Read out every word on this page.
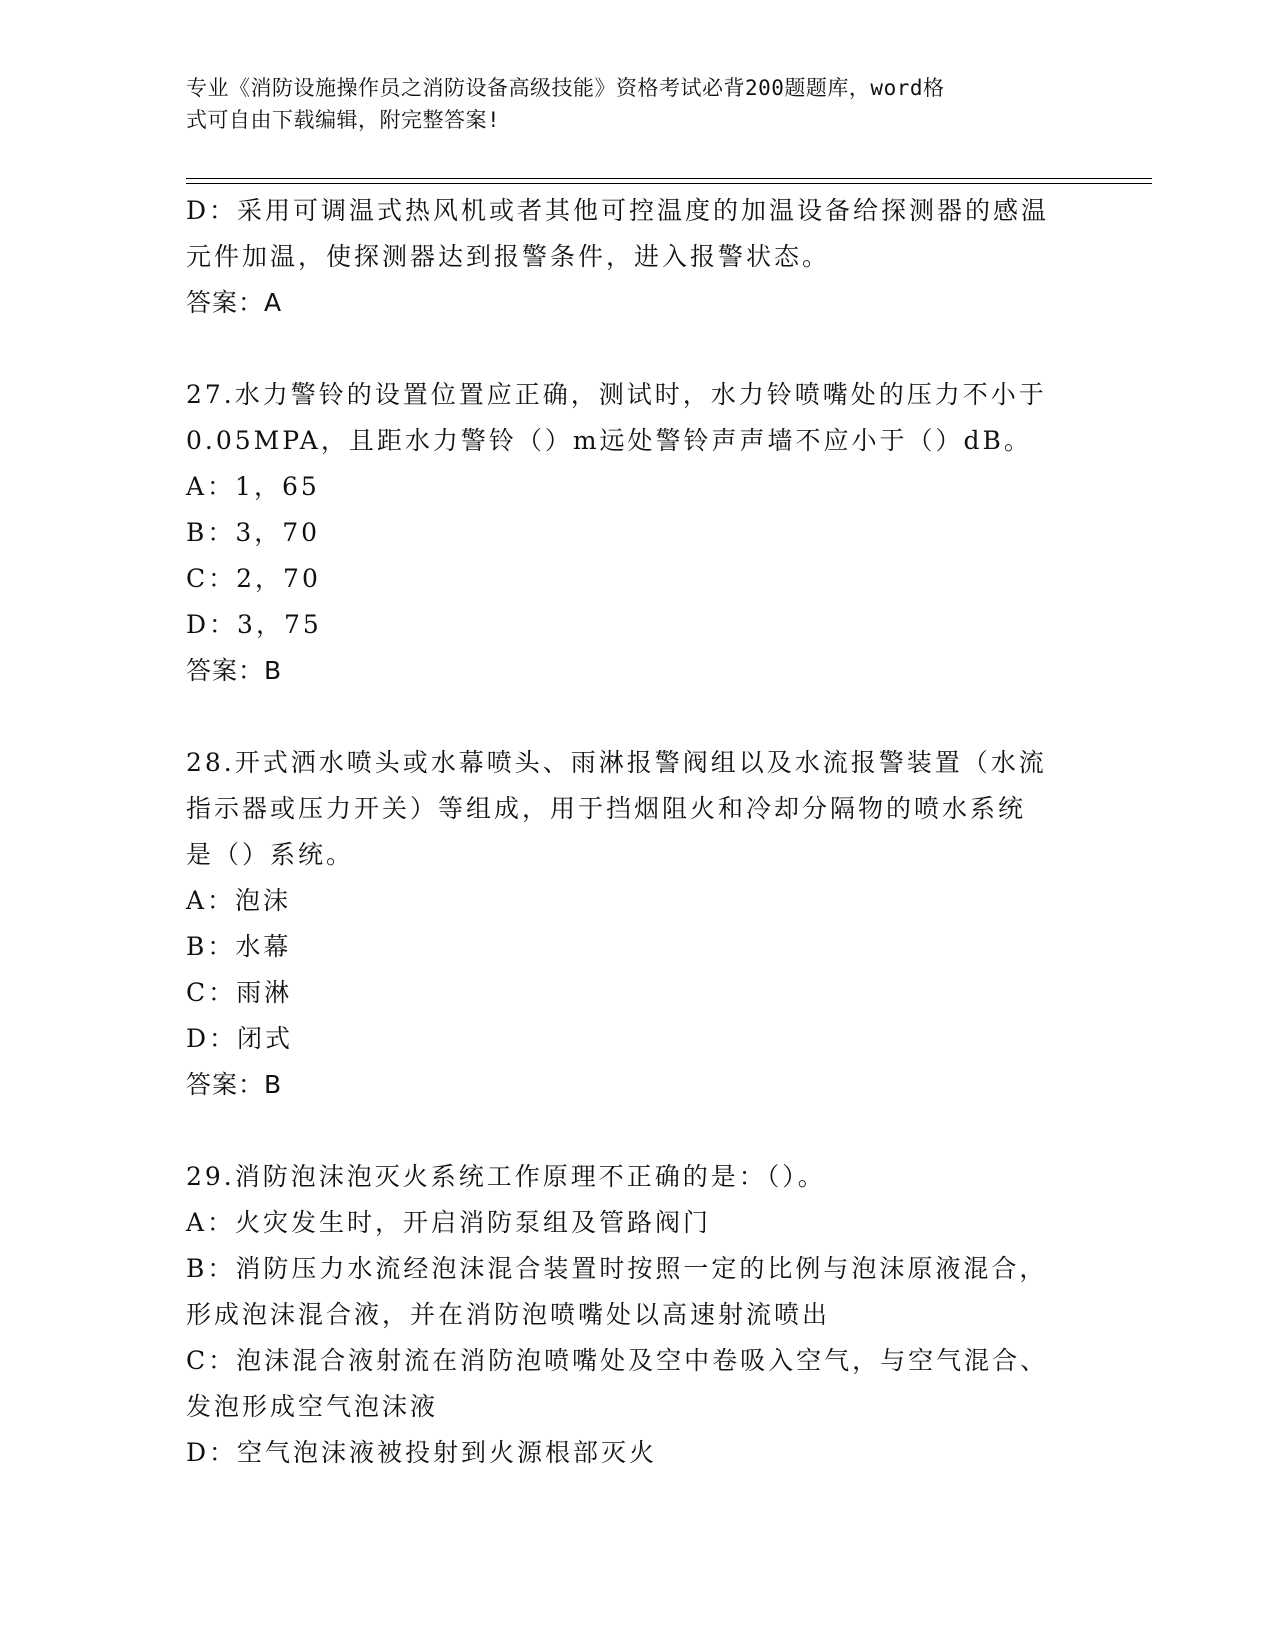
专业《消防设施操作员之消防设备高级技能》资格考试必背200题题库，word格
式可自由下载编辑，附完整答案!
D：采用可调温式热风机或者其他可控温度的加温设备给探测器的感温
元件加温，使探测器达到报警条件，进入报警状态。
答案：A
27.水力警铃的设置位置应正确，测试时，水力铃喷嘴处的压力不小于
0.05MPA，且距水力警铃（）m远处警铃声声墙不应小于（）dB。
A：1，65
B：3，70
C：2，70
D：3，75
答案：B
28.开式洒水喷头或水幕喷头、雨淋报警阀组以及水流报警装置（水流
指示器或压力开关）等组成，用于挡烟阻火和冷却分隔物的喷水系统
是（）系统。
A：泡沫
B：水幕
C：雨淋
D：闭式
答案：B
29.消防泡沫泡灭火系统工作原理不正确的是：（）。
A：火灾发生时，开启消防泵组及管路阀门
B：消防压力水流经泡沫混合装置时按照一定的比例与泡沫原液混合，
形成泡沫混合液，并在消防泡喷嘴处以高速射流喷出
C：泡沫混合液射流在消防泡喷嘴处及空中卷吸入空气，与空气混合、
发泡形成空气泡沫液
D：空气泡沫液被投射到火源根部灭火
